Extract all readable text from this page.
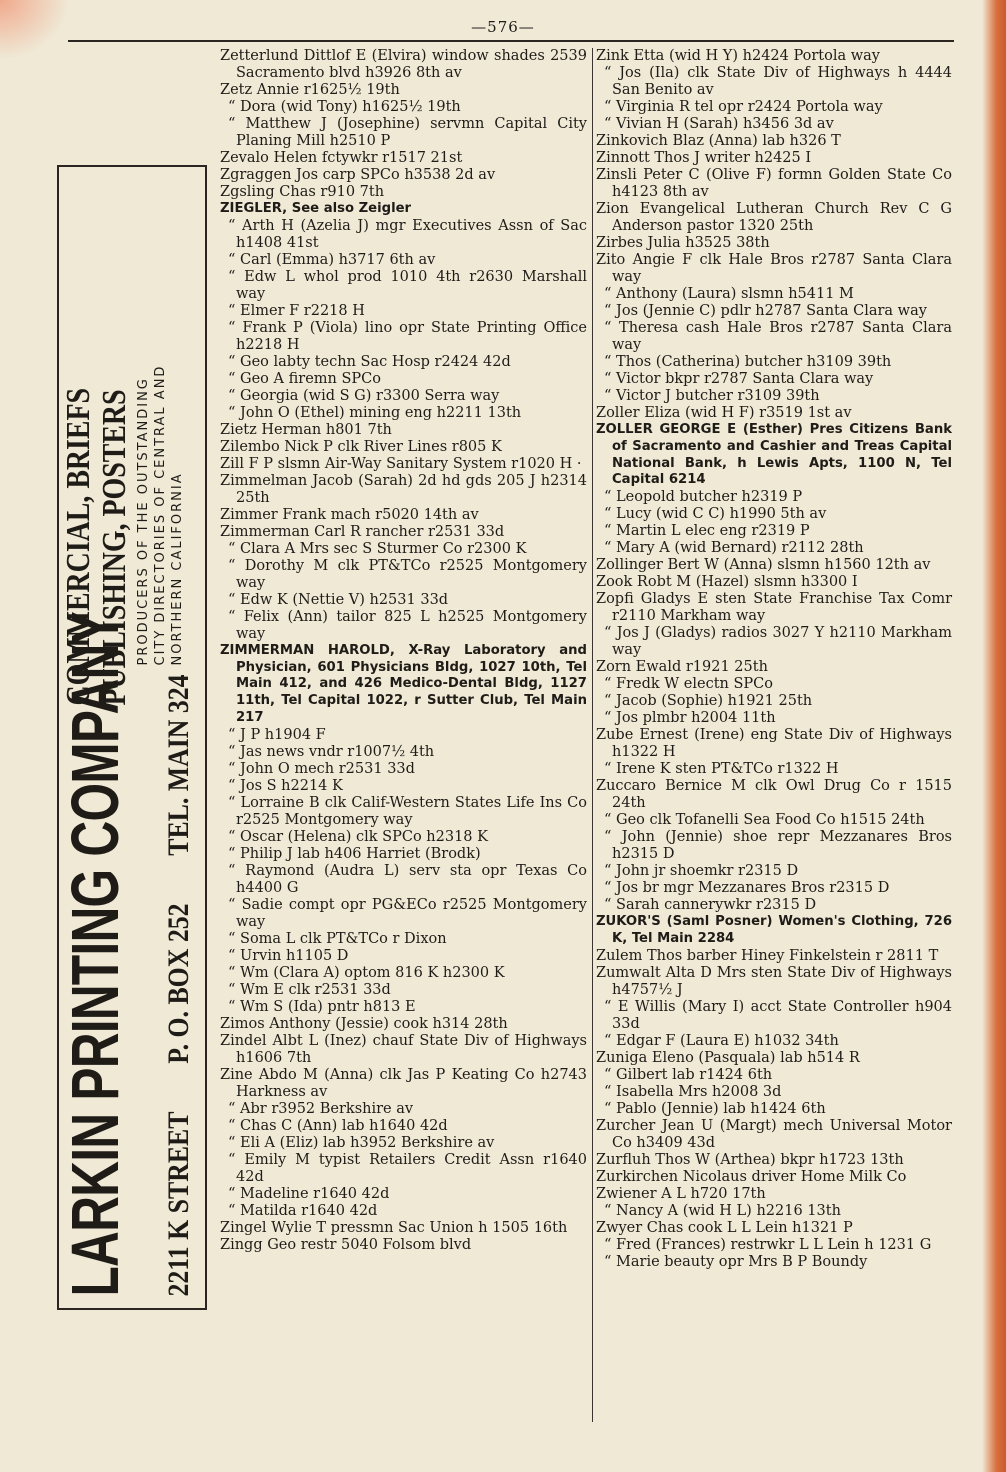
—576—
LARKIN PRINTING COMPANY
COMMERCIAL, BRIEFS PUBLISHING, POSTERS PRODUCERS OF THE OUTSTANDING CITY DIRECTORIES OF CENTRAL AND NORTHERN CALIFORNIA
2211 K STREET P. O. BOX 252 TEL. MAIN 324

Zetterlund Dittlof E (Elvira) window shades 2539 Sacramento blvd h3926 8th av

Zetz Annie r1625½ 19th

“ Dora (wid Tony) h1625½ 19th

“ Matthew J (Josephine) servmn Capital City Planing Mill h2510 P

Zevalo Helen fctywkr r1517 21st

Zgraggen Jos carp SPCo h3538 2d av

Zgsling Chas r910 7th

ZIEGLER, See also Zeigler

“ Arth H (Azelia J) mgr Executives Assn of Sac h1408 41st

“ Carl (Emma) h3717 6th av

“ Edw L whol prod 1010 4th r2630 Marshall way

“ Elmer F r2218 H

“ Frank P (Viola) lino opr State Printing Office h2218 H

“ Geo labty techn Sac Hosp r2424 42d

“ Geo A firemn SPCo

“ Georgia (wid S G) r3300 Serra way

“ John O (Ethel) mining eng h2211 13th

Zietz Herman h801 7th

Zilembo Nick P clk River Lines r805 K

Zill F P slsmn Air-Way Sanitary System r1020 H ·

Zimmelman Jacob (Sarah) 2d hd gds 205 J h2314 25th

Zimmer Frank mach r5020 14th av

Zimmerman Carl R rancher r2531 33d

“ Clara A Mrs sec S Sturmer Co r2300 K

“ Dorothy M clk PT&TCo r2525 Montgomery way

“ Edw K (Nettie V) h2531 33d

“ Felix (Ann) tailor 825 L h2525 Montgomery way

ZIMMERMAN HAROLD, X-Ray Laboratory and Physician, 601 Physicians Bldg, 1027 10th, Tel Main 412, and 426 Medico-Dental Bldg, 1127 11th, Tel Capital 1022, r Sutter Club, Tel Main 217

“ J P h1904 F

“ Jas news vndr r1007½ 4th

“ John O mech r2531 33d

“ Jos S h2214 K

“ Lorraine B clk Calif-Western States Life Ins Co r2525 Montgomery way

“ Oscar (Helena) clk SPCo h2318 K

“ Philip J lab h406 Harriet (Brodk)

“ Raymond (Audra L) serv sta opr Texas Co h4400 G

“ Sadie compt opr PG&ECo r2525 Montgomery way

“ Soma L clk PT&TCo r Dixon

“ Urvin h1105 D

“ Wm (Clara A) optom 816 K h2300 K

“ Wm E clk r2531 33d

“ Wm S (Ida) pntr h813 E

Zimos Anthony (Jessie) cook h314 28th

Zindel Albt L (Inez) chauf State Div of Highways h1606 7th

Zine Abdo M (Anna) clk Jas P Keating Co h2743 Harkness av

“ Abr r3952 Berkshire av

“ Chas C (Ann) lab h1640 42d

“ Eli A (Eliz) lab h3952 Berkshire av

“ Emily M typist Retailers Credit Assn r1640 42d

“ Madeline r1640 42d

“ Matilda r1640 42d

Zingel Wylie T pressmn Sac Union h 1505 16th

Zingg Geo restr 5040 Folsom blvd

Zink Etta (wid H Y) h2424 Portola way

“ Jos (Ila) clk State Div of Highways h 4444 San Benito av

“ Virginia R tel opr r2424 Portola way

“ Vivian H (Sarah) h3456 3d av

Zinkovich Blaz (Anna) lab h326 T

Zinnott Thos J writer h2425 I

Zinsli Peter C (Olive F) formn Golden State Co h4123 8th av

Zion Evangelical Lutheran Church Rev C G Anderson pastor 1320 25th

Zirbes Julia h3525 38th

Zito Angie F clk Hale Bros r2787 Santa Clara way

“ Anthony (Laura) slsmn h5411 M

“ Jos (Jennie C) pdlr h2787 Santa Clara way

“ Theresa cash Hale Bros r2787 Santa Clara way

“ Thos (Catherina) butcher h3109 39th

“ Victor bkpr r2787 Santa Clara way

“ Victor J butcher r3109 39th

Zoller Eliza (wid H F) r3519 1st av

ZOLLER GEORGE E (Esther) Pres Citizens Bank of Sacramento and Cashier and Treas Capital National Bank, h Lewis Apts, 1100 N, Tel Capital 6214

“ Leopold butcher h2319 P

“ Lucy (wid C C) h1990 5th av

“ Martin L elec eng r2319 P

“ Mary A (wid Bernard) r2112 28th

Zollinger Bert W (Anna) slsmn h1560 12th av

Zook Robt M (Hazel) slsmn h3300 I

Zopfi Gladys E sten State Franchise Tax Comr r2110 Markham way

“ Jos J (Gladys) radios 3027 Y h2110 Markham way

Zorn Ewald r1921 25th

“ Fredk W electn SPCo

“ Jacob (Sophie) h1921 25th

“ Jos plmbr h2004 11th

Zube Ernest (Irene) eng State Div of Highways h1322 H

“ Irene K sten PT&TCo r1322 H

Zuccaro Bernice M clk Owl Drug Co r 1515 24th

“ Geo clk Tofanelli Sea Food Co h1515 24th

“ John (Jennie) shoe repr Mezzanares Bros h2315 D

“ John jr shoemkr r2315 D

“ Jos br mgr Mezzanares Bros r2315 D

“ Sarah cannerywkr r2315 D

ZUKOR'S (Saml Posner) Women's Clothing, 726 K, Tel Main 2284

Zulem Thos barber Hiney Finkelstein r 2811 T

Zumwalt Alta D Mrs sten State Div of Highways h4757½ J

“ E Willis (Mary I) acct State Controller h904 33d

“ Edgar F (Laura E) h1032 34th

Zuniga Eleno (Pasquala) lab h514 R

“ Gilbert lab r1424 6th

“ Isabella Mrs h2008 3d

“ Pablo (Jennie) lab h1424 6th

Zurcher Jean U (Margt) mech Universal Motor Co h3409 43d

Zurfluh Thos W (Arthea) bkpr h1723 13th

Zurkirchen Nicolaus driver Home Milk Co

Zwiener A L h720 17th

“ Nancy A (wid H L) h2216 13th

Zwyer Chas cook L L Lein h1321 P

“ Fred (Frances) restrwkr L L Lein h 1231 G

“ Marie beauty opr Mrs B P Boundy
